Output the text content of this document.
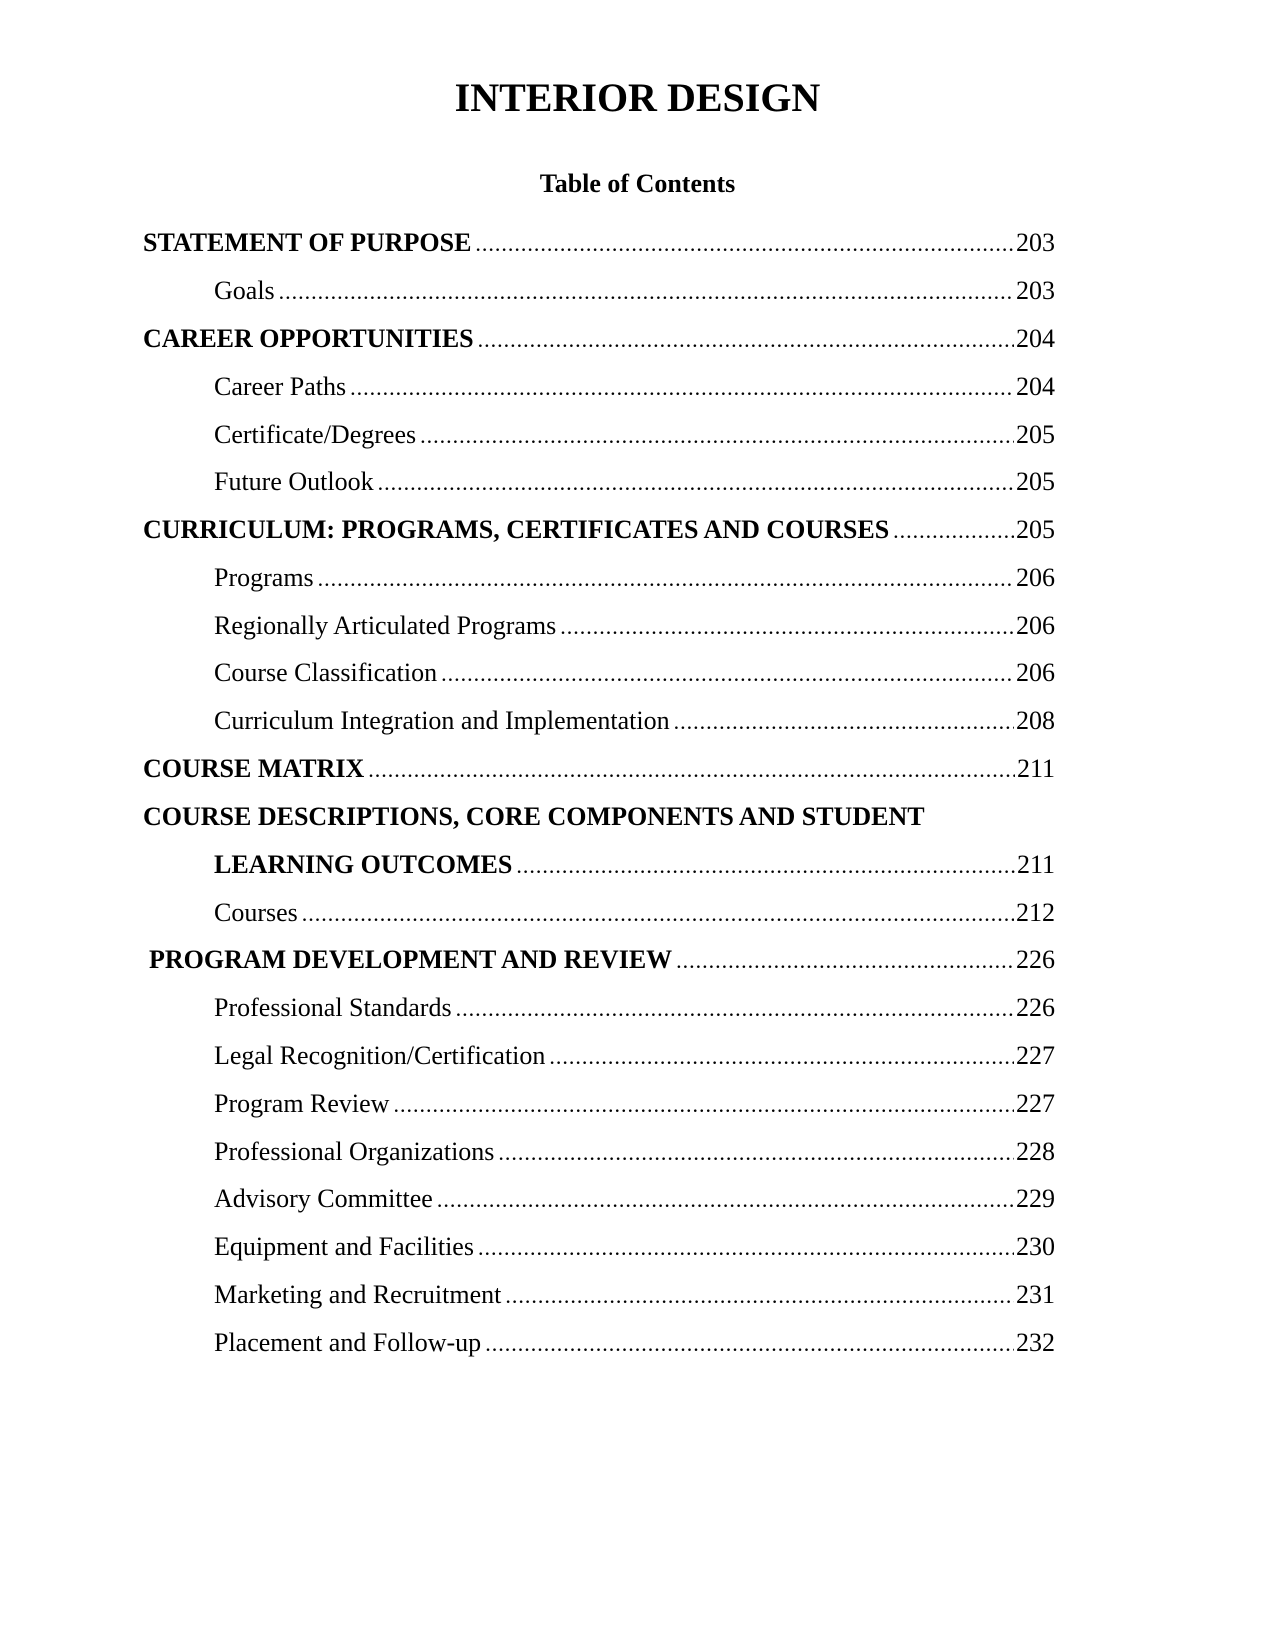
INTERIOR DESIGN
Table of Contents
STATEMENT OF PURPOSE .....	203
Goals .....	203
CAREER OPPORTUNITIES .....	204
Career Paths .....	204
Certificate/Degrees .....	205
Future Outlook .....	205
CURRICULUM: PROGRAMS, CERTIFICATES AND COURSES .....	205
Programs .....	206
Regionally Articulated Programs .....	206
Course Classification .....	206
Curriculum Integration and Implementation .....	208
COURSE MATRIX .....	211
COURSE DESCRIPTIONS, CORE COMPONENTS AND STUDENT
LEARNING OUTCOMES .....	211
Courses .....	212
PROGRAM DEVELOPMENT AND REVIEW .....	226
Professional Standards .....	226
Legal Recognition/Certification .....	227
Program Review .....	227
Professional Organizations .....	228
Advisory Committee .....	229
Equipment and Facilities .....	230
Marketing and Recruitment .....	231
Placement and Follow-up .....	232
